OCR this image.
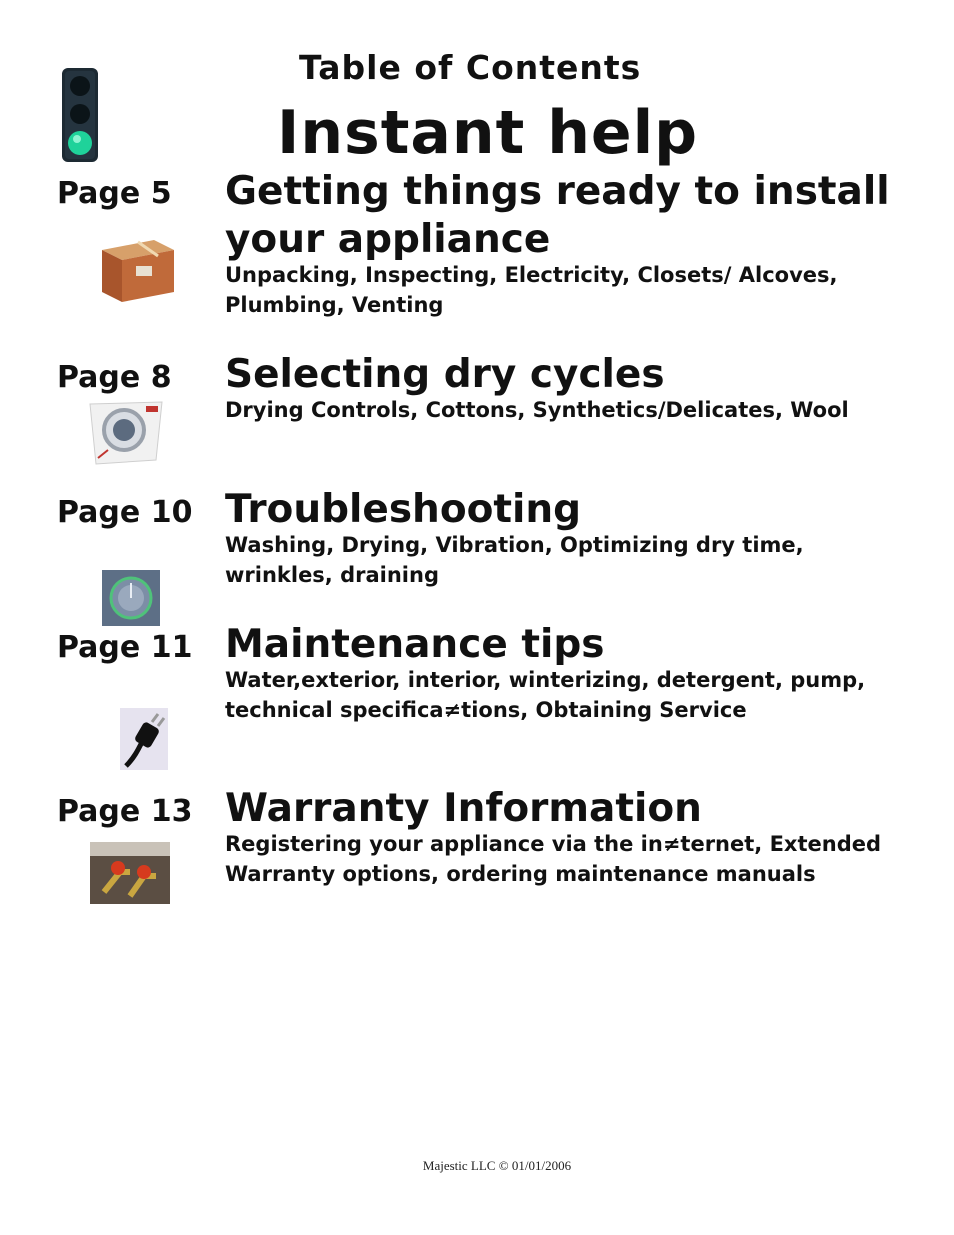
Table of Contents
Instant help
Page 5 Getting things ready to install your appliance
Unpacking, Inspecting, Electricity, Closets/ Alcoves, Plumbing, Venting
Page 8 Selecting dry cycles
Drying Controls, Cottons, Synthetics/Delicates, Wool
Page 10 Troubleshooting
Washing, Drying, Vibration, Optimizing dry time, wrinkles, draining
Page 11 Maintenance tips
Water,exterior, interior, winterizing, detergent, pump, technical specifica≠tions, Obtaining Service
Page 13 Warranty Information
Registering your appliance via the in≠ternet, Extended Warranty options, ordering maintenance manuals
Majestic LLC © 01/01/2006
